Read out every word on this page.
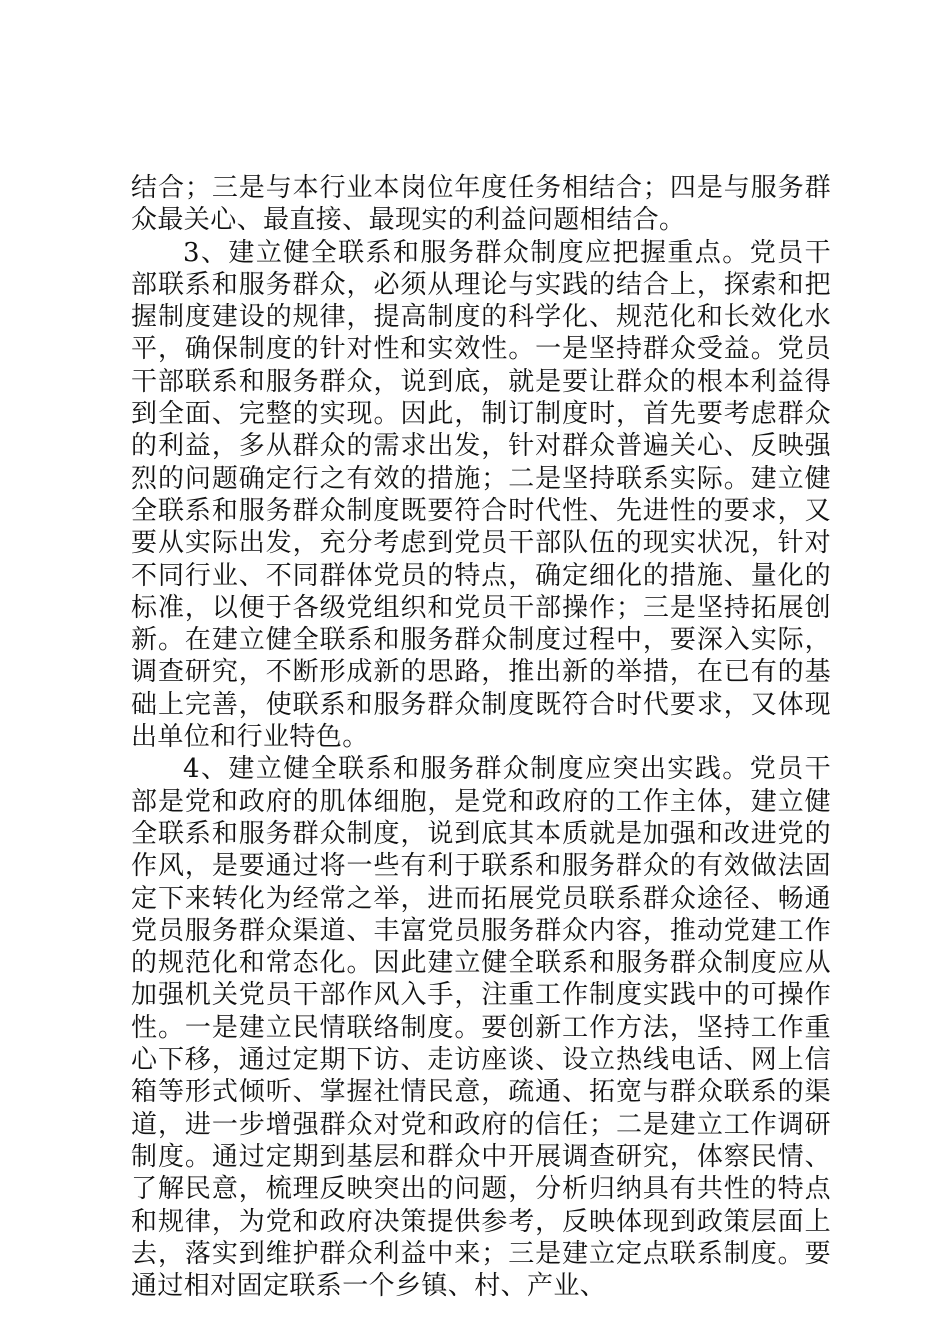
结合；三是与本行业本岗位年度任务相结合；四是与服务群众最关心、最直接、最现实的利益问题相结合。

3、建立健全联系和服务群众制度应把握重点。党员干部联系和服务群众，必须从理论与实践的结合上，探索和把握制度建设的规律，提高制度的科学化、规范化和长效化水平，确保制度的针对性和实效性。一是坚持群众受益。党员干部联系和服务群众，说到底，就是要让群众的根本利益得到全面、完整的实现。因此，制订制度时，首先要考虑群众的利益，多从群众的需求出发，针对群众普遍关心、反映强烈的问题确定行之有效的措施；二是坚持联系实际。建立健全联系和服务群众制度既要符合时代性、先进性的要求，又要从实际出发，充分考虑到党员干部队伍的现实状况，针对不同行业、不同群体党员的特点，确定细化的措施、量化的标准，以便于各级党组织和党员干部操作；三是坚持拓展创新。在建立健全联系和服务群众制度过程中，要深入实际，调查研究，不断形成新的思路，推出新的举措，在已有的基础上完善，使联系和服务群众制度既符合时代要求，又体现出单位和行业特色。

4、建立健全联系和服务群众制度应突出实践。党员干部是党和政府的肌体细胞，是党和政府的工作主体，建立健全联系和服务群众制度，说到底其本质就是加强和改进党的作风，是要通过将一些有利于联系和服务群众的有效做法固定下来转化为经常之举，进而拓展党员联系群众途径、畅通党员服务群众渠道、丰富党员服务群众内容，推动党建工作的规范化和常态化。因此建立健全联系和服务群众制度应从加强机关党员干部作风入手，注重工作制度实践中的可操作性。一是建立民情联络制度。要创新工作方法，坚持工作重心下移，通过定期下访、走访座谈、设立热线电话、网上信箱等形式倾听、掌握社情民意，疏通、拓宽与群众联系的渠道，进一步增强群众对党和政府的信任；二是建立工作调研制度。通过定期到基层和群众中开展调查研究，体察民情、了解民意，梳理反映突出的问题，分析归纳具有共性的特点和规律，为党和政府决策提供参考，反映体现到政策层面上去，落实到维护群众利益中来；三是建立定点联系制度。要通过相对固定联系一个乡镇、村、产业、
